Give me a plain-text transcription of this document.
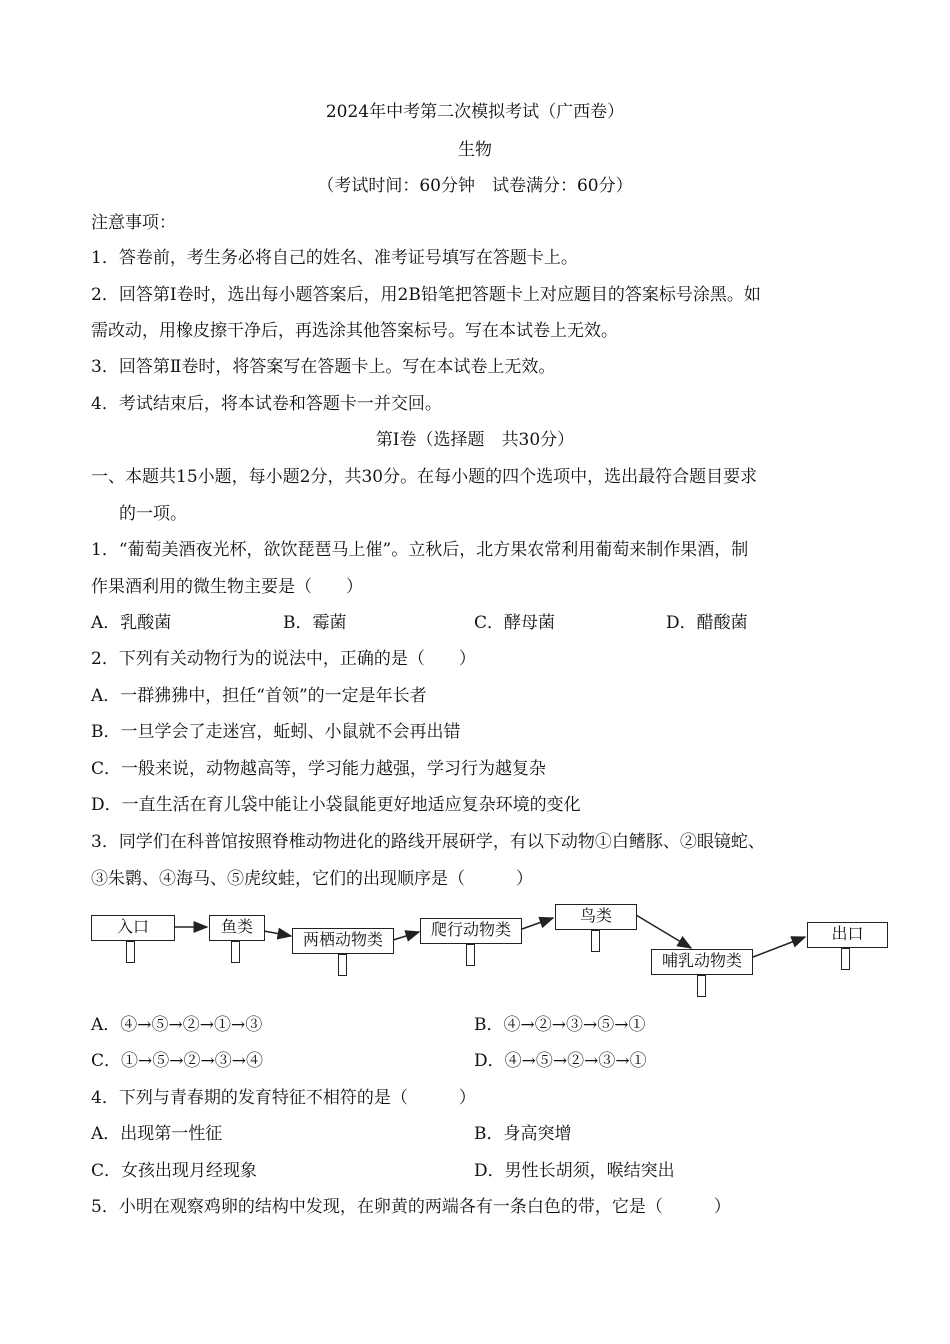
2024年中考第二次模拟考试（广西卷）
生物
（考试时间：60分钟　试卷满分：60分）
注意事项：
1．答卷前，考生务必将自己的姓名、准考证号填写在答题卡上。
2．回答第Ⅰ卷时，选出每小题答案后，用2B铅笔把答题卡上对应题目的答案标号涂黑。如
需改动，用橡皮擦干净后，再选涂其他答案标号。写在本试卷上无效。
3．回答第Ⅱ卷时，将答案写在答题卡上。写在本试卷上无效。
4．考试结束后，将本试卷和答题卡一并交回。
第Ⅰ卷（选择题　共30分）
一、本题共15小题，每小题2分，共30分。在每小题的四个选项中，选出最符合题目要求
的一项。
1．“葡萄美酒夜光杯，欲饮琵琶马上催”。立秋后，北方果农常利用葡萄来制作果酒，制
作果酒利用的微生物主要是（　　）
A．乳酸菌	B．霉菌	C．酵母菌	D．醋酸菌
2．下列有关动物行为的说法中，正确的是（　　）
A．一群狒狒中，担任“首领”的一定是年长者
B．一旦学会了走迷宫，蚯蚓、小鼠就不会再出错
C．一般来说，动物越高等，学习能力越强，学习行为越复杂
D．一直生活在育儿袋中能让小袋鼠能更好地适应复杂环境的变化
3．同学们在科普馆按照脊椎动物进化的路线开展研学，有以下动物①白鳍豚、②眼镜蛇、
③朱鹮、④海马、⑤虎纹蛙，它们的出现顺序是（　　　）
入口	鱼类
两栖动物类
爬行动物类
鸟类
哺乳动物类
出口
A．④→⑤→②→①→③	B．④→②→③→⑤→①
C．①→⑤→②→③→④	D．④→⑤→②→③→①
4．下列与青春期的发育特征不相符的是（　　　）
A．出现第一性征	B．身高突增
C．女孩出现月经现象	D．男性长胡须，喉结突出
5．小明在观察鸡卵的结构中发现，在卵黄的两端各有一条白色的带，它是（　　　）
